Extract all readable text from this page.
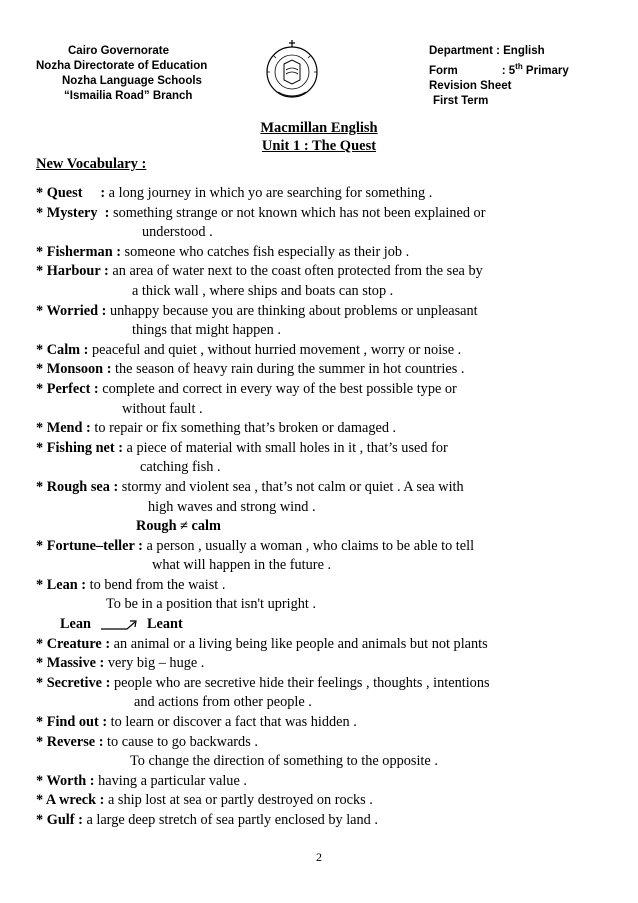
Cairo Governorate
Nozha Directorate of Education
Nozha Language Schools
“Ismailia Road” Branch
Department : English
Form	: 5th Primary
Revision Sheet
First Term
Macmillan English
Unit 1 : The Quest
New Vocabulary :
* Quest     : a long journey in which yo are searching for something .
* Mystery  : something strange or not known which has not been explained or
understood .
* Fisherman : someone who catches fish especially as their job .
* Harbour : an area of water next to the coast often protected from the sea by
a thick wall , where ships and boats can stop .
* Worried : unhappy because you are thinking about problems or unpleasant
things that might happen .
* Calm : peaceful and quiet , without hurried movement , worry or noise .
* Monsoon : the season of heavy rain during the summer in hot countries .
* Perfect : complete and correct in every way of the best possible type or
without fault .
* Mend : to repair or fix something that’s broken or damaged .
* Fishing net : a piece of material with small holes in it , that’s used for
catching fish .
* Rough sea : stormy and violent sea , that’s not calm or quiet . A sea with
high waves and strong wind .
Rough ≠ calm
* Fortune–teller : a person , usually a woman , who claims to be able to tell
what will happen in the future .
* Lean : to bend from the waist .
To be in a position that isn't upright .
Lean	Leant
* Creature : an animal or a living being like people and animals but not plants
* Massive : very big – huge .
* Secretive : people who are secretive hide their feelings , thoughts , intentions
and actions from other people .
* Find out : to learn or discover a fact that was hidden .
* Reverse : to cause to go backwards .
To change the direction of something to the opposite .
* Worth : having a particular value .
* A wreck : a ship lost at sea or partly destroyed on rocks .
* Gulf : a large deep stretch of sea partly enclosed by land .
2
